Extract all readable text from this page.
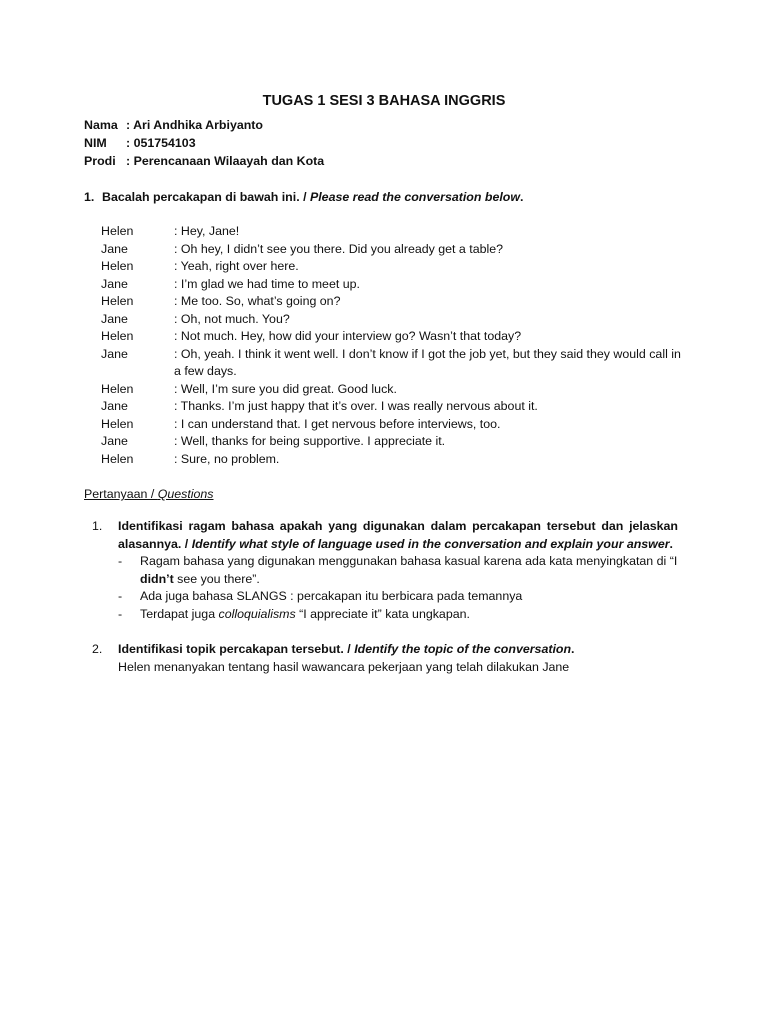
TUGAS 1 SESI 3 BAHASA INGGRIS
Nama : Ari Andhika Arbiyanto
NIM	: 051754103
Prodi : Perencanaan Wilaayah dan Kota
1. Bacalah percakapan di bawah ini. / Please read the conversation below.
Helen	: Hey, Jane!
Jane	: Oh hey, I didn’t see you there. Did you already get a table?
Helen	: Yeah, right over here.
Jane	: I’m glad we had time to meet up.
Helen	: Me too. So, what’s going on?
Jane	: Oh, not much. You?
Helen	: Not much. Hey, how did your interview go? Wasn’t that today?
Jane	: Oh, yeah. I think it went well. I don’t know if I got the job yet, but they said they would call in a few days.
Helen	: Well, I’m sure you did great. Good luck.
Jane	: Thanks. I’m just happy that it’s over. I was really nervous about it.
Helen	: I can understand that. I get nervous before interviews, too.
Jane	: Well, thanks for being supportive. I appreciate it.
Helen	: Sure, no problem.
Pertanyaan / Questions
1.	Identifikasi ragam bahasa apakah yang digunakan dalam percakapan tersebut dan jelaskan alasannya. / Identify what style of language used in the conversation and explain your answer.
-	Ragam bahasa yang digunakan menggunakan bahasa kasual karena ada kata menyingkatan di “I didn’t see you there”.
-	Ada juga bahasa SLANGS : percakapan itu berbicara pada temannya
-	Terdapat juga colloquialisms “I appreciate it” kata ungkapan.
2.	Identifikasi topik percakapan tersebut. / Identify the topic of the conversation.
Helen menanyakan tentang hasil wawancara pekerjaan yang telah dilakukan Jane
